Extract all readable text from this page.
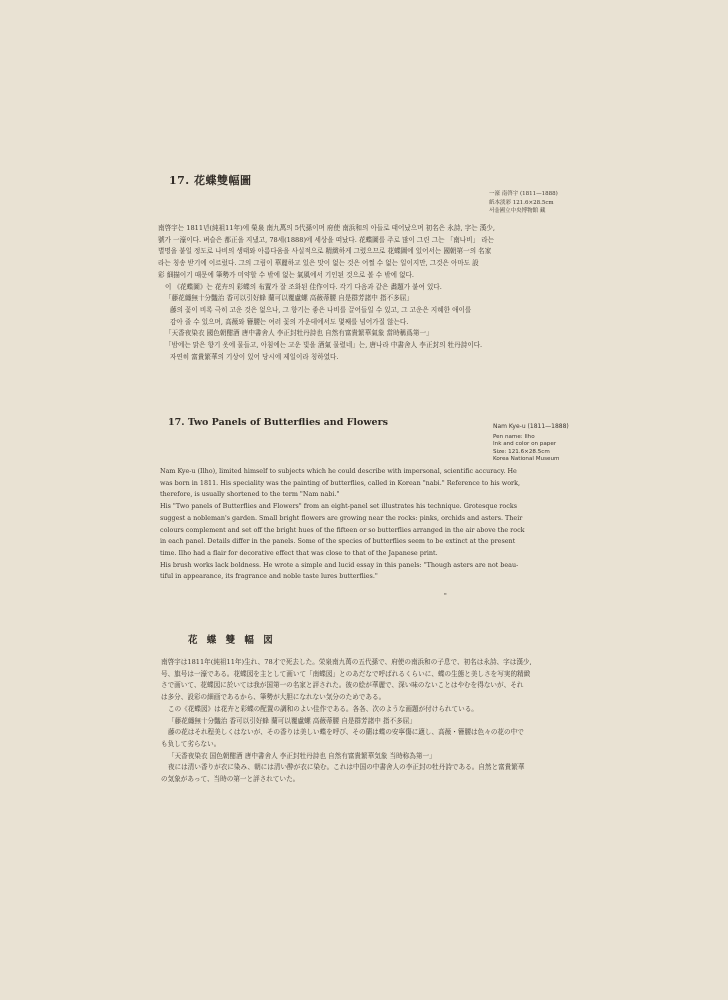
17. 花蝶雙幅圖
一濠 南啓宇 (1811—1888)
紙本淡彩 121.6×28.5cm
서울國立中央博物館 藏
南啓宇는 1811년(純祖11年)에 榮泉 南九萬의 5代孫이며 府使 南浜和의 아들로 태어났으며 初名은 永詩, 字는 漢少,
號가 一濠이다. 벼슬은 都正을 지냈고, 78세(1888)에 세상을 떠났다. 花蝶圖를 주로 많이 그린 그는 「南나비」 라는
별명을 붙일 정도로 나비의 생태와 아름다움을 사실적으로 精緻하게 그렸으므로 花蝶圖에 있어서는 國朝第一의 名家
라는 칭송 받기에 이르렀다. 그의 그림이 華麗하고 있은 맛이 없는 것은 어쩔 수 없는 일이지만, 그것은 아마도 設
彩 細描이기 때문에 筆勢가 미약할 수 밖에 없는 氣風에서 기인된 것으로 볼 수 밖에 없다.
이 《花蝶圖》는 花卉의 彩蝶의 布置가 잘 조화된 佳作이다. 각기 다음과 같은 畵題가 붙여 있다.
「藤花纏無十分豔治 香可以引好蜂 蘭可以覆盧螺 高薇蒂腰 自是群芳諸中 指不多屈」
藤의 꽃이 비록 극히 고운 것은 없으나, 그 향기는 좋은 나비를 끌어들일 수 있고, 그 고운은 지혜한 애이를
감아 줄 수 있으며, 高薇와 簪腰는 여러 꽃의 가운데에서도 몇째를 넘어가질 않는다.
「天香夜染衣 國色朝酣酒 唐中書舍人 李正封牡丹詩也 自然有富貴繁華氣象 當時稱爲第一」
「밤에는 맑은 향기 옷에 물들고, 아침에는 고운 빛을 酒氣 물렸네」는, 唐나라 中書舍人 李正封의 牡丹詩이다.
자연히 富貴繁華의 기상이 있어 당시에 제일이라 칭하였다.
17. Two Panels of Butterflies and Flowers	Nam Kye-u (1811—1888)
Pen name: Ilho
Ink and color on paper
Size: 121.6×28.5cm
Korea National Museum
Nam Kye-u (Ilho), limited himself to subjects which he could describe with impersonal, scientific accuracy. He
was born in 1811. His speciality was the painting of butterflies, called in Korean "nabi." Reference to his work,
therefore, is usually shortened to the term "Nam nabi."
His "Two panels of Butterflies and Flowers" from an eight-panel set illustrates his technique. Grotesque rocks
suggest a nobleman's garden. Small bright flowers are growing near the rocks: pinks, orchids and asters. Their
colours complement and set off the bright hues of the fifteen or so butterflies arranged in the air above the rock
in each panel. Details differ in the panels. Some of the species of butterflies seem to be extinct at the present
time. Ilho had a flair for decorative effect that was close to that of the Japanese print.
His brush works lack boldness. He wrote a simple and lucid essay in this panels: "Though asters are not beau-
tiful in appearance, its fragrance and noble taste lures butterflies."
"
花 蝶 雙 幅 図
南啓宇は1811年(純祖11年)生れ、78才で死去した。栄泉南九萬の五代孫で、府使の南浜和の子息で、初名は永詩、字は漢少,
号、旗号は一濠である。花蝶図を主として画いて「南蝶図」とのあだなで呼ばれるくらいに、蝶の生態と美しさを写実的精緻
さで画いて、花蝶図に於いては我が国第一の名家と評された。彼の絵が華麗で、深い味のないことはやむを得ないが、それ
は多分、設彩の細画であるから、筆勢が大胆になれない気分のためである。
この《花蝶図》は花卉と彩蝶の配置の調和のよい佳作である。各各、次のような画題が付けられている。
「藤花纏無十分豔治 香可以引好蜂 蘭可以覆盧螺 高薇蒂腰 自是群芳諸中 指不多屈」
藤の花はそれ程美しくはないが、その香りは美しい蝶を呼び、その蘭は蝶の安寧傷に適し、高薇・簪腰は色々の花の中で
も负して劣らない。
「天香夜染衣 国色朝酣酒 唐中書舍人 李正封牡丹詩也 自然有富貴繁華気象 当時称為第一」
夜には清い香りが衣に染み、朝には清い酔が衣に染む。これは中国の中書舍人の李正封の牡丹詩である。自然と富貴繁華
の気象があって、当時の第一と評されていた。
